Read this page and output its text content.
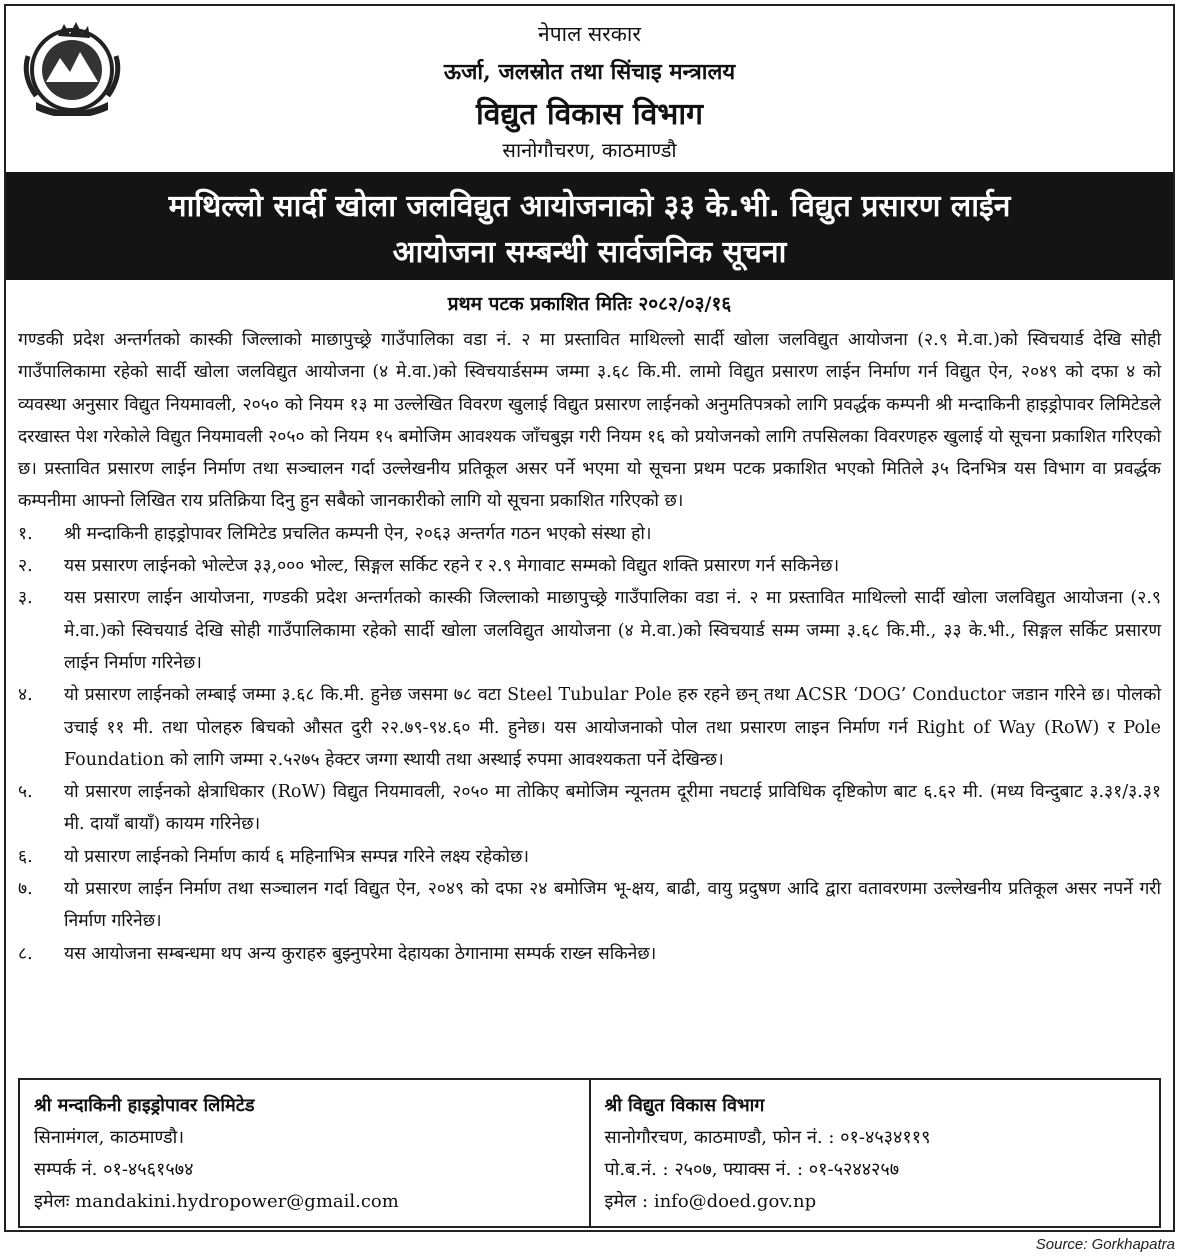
नेपाल सरकार
ऊर्जा, जलस्रोत तथा सिंचाइ मन्त्रालय
विद्युत विकास विभाग
सानोगौचरण, काठमाण्डौ
माथिल्लो सार्दी खोला जलविद्युत आयोजनाको ३३ के.भी. विद्युत प्रसारण लाईन
आयोजना सम्बन्धी सार्वजनिक सूचना
प्रथम पटक प्रकाशित मितिः २०८२/०३/१६

गण्डकी प्रदेश अन्तर्गतको कास्की जिल्लाको माछापुच्छ्रे गाउँपालिका वडा नं. २ मा प्रस्तावित माथिल्लो सार्दी खोला जलविद्युत आयोजना (२.९ मे.वा.)को स्विचयार्ड देखि सोही गाउँपालिकामा रहेको सार्दी खोला जलविद्युत आयोजना (४ मे.वा.)को स्विचयार्डसम्म जम्मा ३.६८ कि.मी. लामो विद्युत प्रसारण लाईन निर्माण गर्न विद्युत ऐन, २०४९ को दफा ४ को व्यवस्था अनुसार विद्युत नियमावली, २०५० को नियम १३ मा उल्लेखित विवरण खुलाई विद्युत प्रसारण लाईनको अनुमतिपत्रको लागि प्रवर्द्धक कम्पनी श्री मन्दाकिनी हाइड्रोपावर लिमिटेडले दरखास्त पेश गरेकोले विद्युत नियमावली २०५० को नियम १५ बमोजिम आवश्यक जाँचबुझ गरी नियम १६ को प्रयोजनको लागि तपसिलका विवरणहरु खुलाई यो सूचना प्रकाशित गरिएको छ। प्रस्तावित प्रसारण लाईन निर्माण तथा सञ्चालन गर्दा उल्लेखनीय प्रतिकूल असर पर्ने भएमा यो सूचना प्रथम पटक प्रकाशित भएको मितिले ३५ दिनभित्र यस विभाग वा प्रवर्द्धक कम्पनीमा आफ्नो लिखित राय प्रतिक्रिया दिनु हुन सबैको जानकारीको लागि यो सूचना प्रकाशित गरिएको छ।

१.	श्री मन्दाकिनी हाइड्रोपावर लिमिटेड प्रचलित कम्पनी ऐन, २०६३ अन्तर्गत गठन भएको संस्था हो।
२.	यस प्रसारण लाईनको भोल्टेज ३३,००० भोल्ट, सिङ्गल सर्किट रहने र २.९ मेगावाट सम्मको विद्युत शक्ति प्रसारण गर्न सकिनेछ।
३.	यस प्रसारण लाईन आयोजना, गण्डकी प्रदेश अन्तर्गतको कास्की जिल्लाको माछापुच्छ्रे गाउँपालिका वडा नं. २ मा प्रस्तावित माथिल्लो सार्दी खोला जलविद्युत आयोजना (२.९ मे.वा.)को स्विचयार्ड देखि सोही गाउँपालिकामा रहेको सार्दी खोला जलविद्युत आयोजना (४ मे.वा.)को स्विचयार्ड सम्म जम्मा ३.६८ कि.मी., ३३ के.भी., सिङ्गल सर्किट प्रसारण लाईन निर्माण गरिनेछ।
४.	यो प्रसारण लाईनको लम्बाई जम्मा ३.६८ कि.मी. हुनेछ जसमा ७८ वटा Steel Tubular Pole हरु रहने छन् तथा ACSR ‘DOG’ Conductor जडान गरिने छ। पोलको उचाई ११ मी. तथा पोलहरु बिचको औसत दुरी २२.७९-९४.६० मी. हुनेछ। यस आयोजनाको पोल तथा प्रसारण लाइन निर्माण गर्न Right of Way (RoW) र Pole Foundation को लागि जम्मा २.५२७५ हेक्टर जग्गा स्थायी तथा अस्थाई रुपमा आवश्यकता पर्ने देखिन्छ।
५.	यो प्रसारण लाईनको क्षेत्राधिकार (RoW) विद्युत नियमावली, २०५० मा तोकिए बमोजिम न्यूनतम दूरीमा नघटाई प्राविधिक दृष्टिकोण बाट ६.६२ मी. (मध्य विन्दुबाट ३.३१/३.३१ मी. दायाँ बायाँ) कायम गरिनेछ।
६.	यो प्रसारण लाईनको निर्माण कार्य ६ महिनाभित्र सम्पन्न गरिने लक्ष्य रहेकोछ।
७.	यो प्रसारण लाईन निर्माण तथा सञ्चालन गर्दा विद्युत ऐन, २०४९ को दफा २४ बमोजिम भू-क्षय, बाढी, वायु प्रदुषण आदि द्वारा वतावरणमा उल्लेखनीय प्रतिकूल असर नपर्ने गरी निर्माण गरिनेछ।
८.	यस आयोजना सम्बन्धमा थप अन्य कुराहरु बुझ्नुपरेमा देहायका ठेगानामा सम्पर्क राख्न सकिनेछ।
श्री मन्दाकिनी हाइड्रोपावर लिमिटेड
सिनामंगल, काठमाण्डौ।
सम्पर्क नं. ०१-४५६१५७४
इमेलः mandakini.hydropower@gmail.com
श्री विद्युत विकास विभाग
सानोगौरचण, काठमाण्डौ, फोन नं. : ०१-४५३४११९
पो.ब.नं. : २५०७, फ्याक्स नं. : ०१-५२४४२५७
इमेल : info@doed.gov.np
Source: Gorkhapatra
